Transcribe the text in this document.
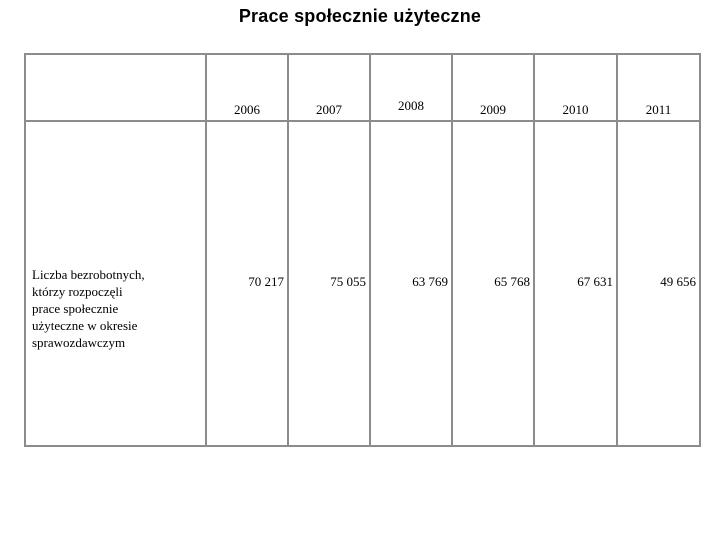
Prace społecznie użyteczne
	2006	2007	2008	2009	2010	2011
Liczba bezrobotnych,
którzy rozpoczęli
prace społecznie
użyteczne w okresie
sprawozdawczym	70 217	75 055	63 769	65 768	67 631	49 656
